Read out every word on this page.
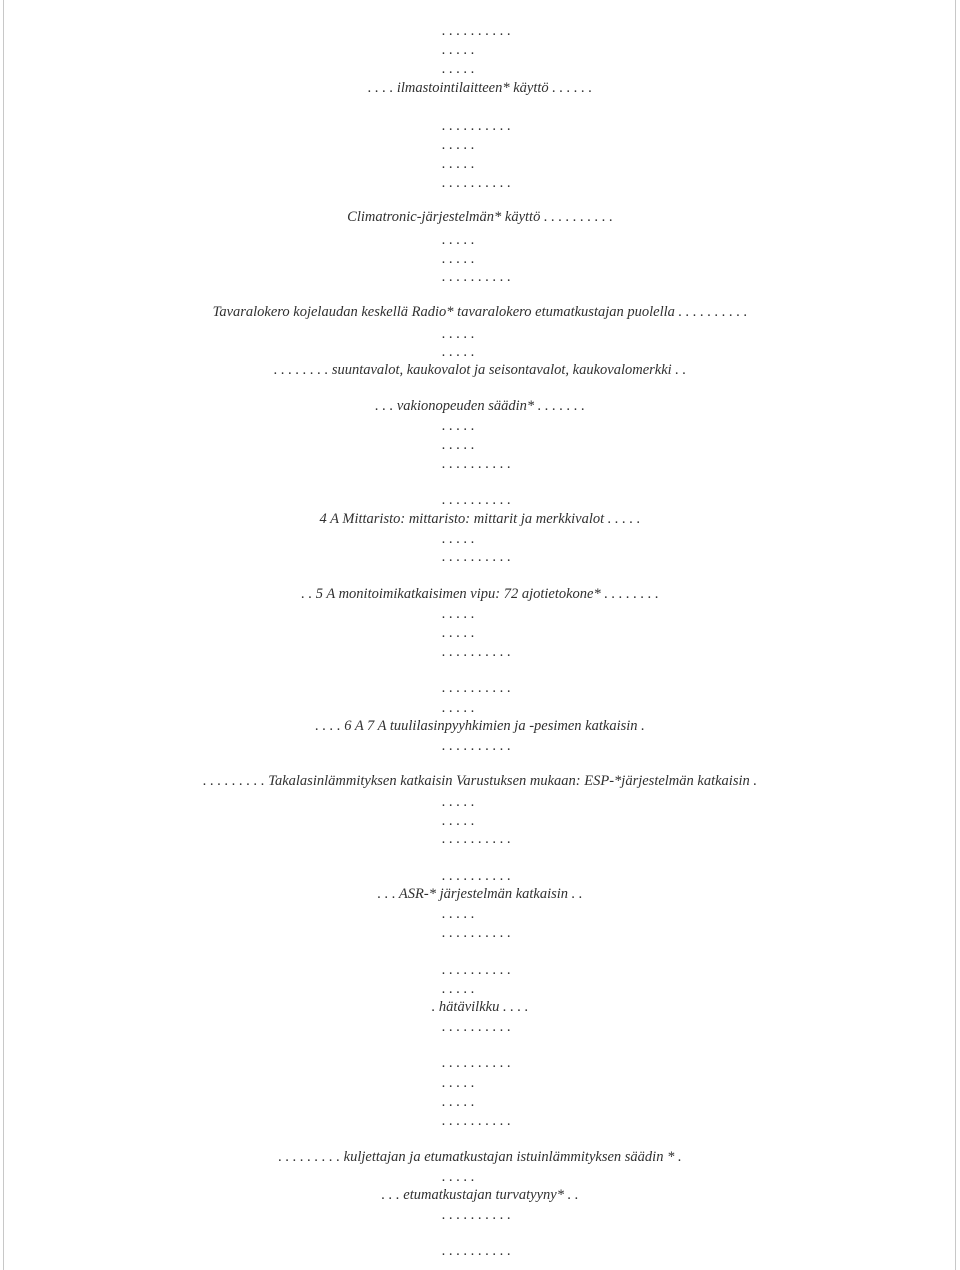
. . . . . . . . . .
. . . . .
. . . . .
. . . . ilmastointilaitteen* käyttö . . . . . .
. . . . . . . . . .
. . . . .
. . . . .
. . . . . . . . . .
Climatronic-järjestelmän* käyttö . . . . . . . . . .
. . . . .
. . . . .
. . . . . . . . . .
Tavaralokero kojelaudan keskellä Radio* tavaralokero etumatkustajan puolella . . . . . . . . . .
. . . . .
. . . . .
. . . . . . . . suuntavalot, kaukovalot ja seisontavalot, kaukovalomerkki . .
. . . vakionopeuden säädin* . . . . . . .
. . . . .
. . . . .
. . . . . . . . . .
. . . . . . . . . .
4 A Mittaristo: mittaristo: mittarit ja merkkivalot . . . . .
. . . . .
. . . . . . . . . .
. . 5 A monitoimikatkaisimen vipu: 72 ajotietokone* . . . . . . . .
. . . . .
. . . . .
. . . . . . . . . .
. . . . . . . . . .
. . . . .
. . . . 6 A 7 A tuulilasinpyyhkimien ja -pesimen katkaisin .
. . . . . . . . . .
. . . . . . . . . Takalasinlämmityksen katkaisin Varustuksen mukaan: ESP-*järjestelmän katkaisin .
. . . . .
. . . . .
. . . . . . . . . .
. . . . . . . . . .
. . . ASR-* järjestelmän katkaisin . .
. . . . .
. . . . . . . . . .
. . . . . . . . . .
. . . . .
. hätävilkku . . . .
. . . . . . . . . .
. . . . . . . . . .
. . . . .
. . . . .
. . . . . . . . . .
. . . . . . . . . kuljettajan ja etumatkustajan istuinlämmityksen säädin * .
. . . . .
. . . etumatkustajan turvatyyny* . .
. . . . . . . . . .
. . . . . . . . . .
